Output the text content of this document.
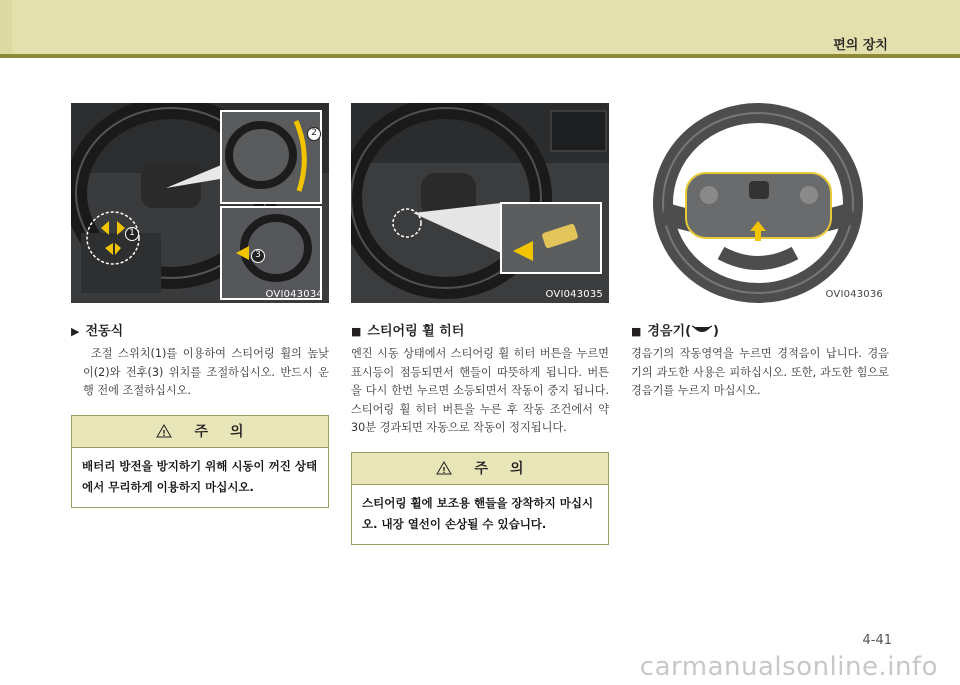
편의 장치
1
2
3
OVI043034	OVI043035	OVI043036
▶ 전동식
조절 스위치(1)를 이용하여 스티어링 휠의 높낮이(2)와 전후(3) 위치를 조절하십시오. 반드시 운행 전에 조절하십시오.
! 주 의
배터리 방전을 방지하기 위해 시동이 꺼진 상태에서 무리하게 이용하지 마십시오.
■ 스티어링 휠 히터
엔진 시동 상태에서 스티어링 휠 히터 버튼을 누르면 표시등이 점등되면서 핸들이 따뜻하게 됩니다. 버튼을 다시 한번 누르면 소등되면서 작동이 중지 됩니다. 스티어링 휠 히터 버튼을 누른 후 작동 조건에서 약 30분 경과되면 자동으로 작동이 정지됩니다.
! 주 의
스티어링 휠에 보조용 핸들을 장착하지 마십시오. 내장 열선이 손상될 수 있습니다.
■ 경음기( )
경음기의 작동영역을 누르면 경적음이 납니다. 경음기의 과도한 사용은 피하십시오. 또한, 과도한 힘으로 경음기를 누르지 마십시오.
4-41
carmanualsonline.info
